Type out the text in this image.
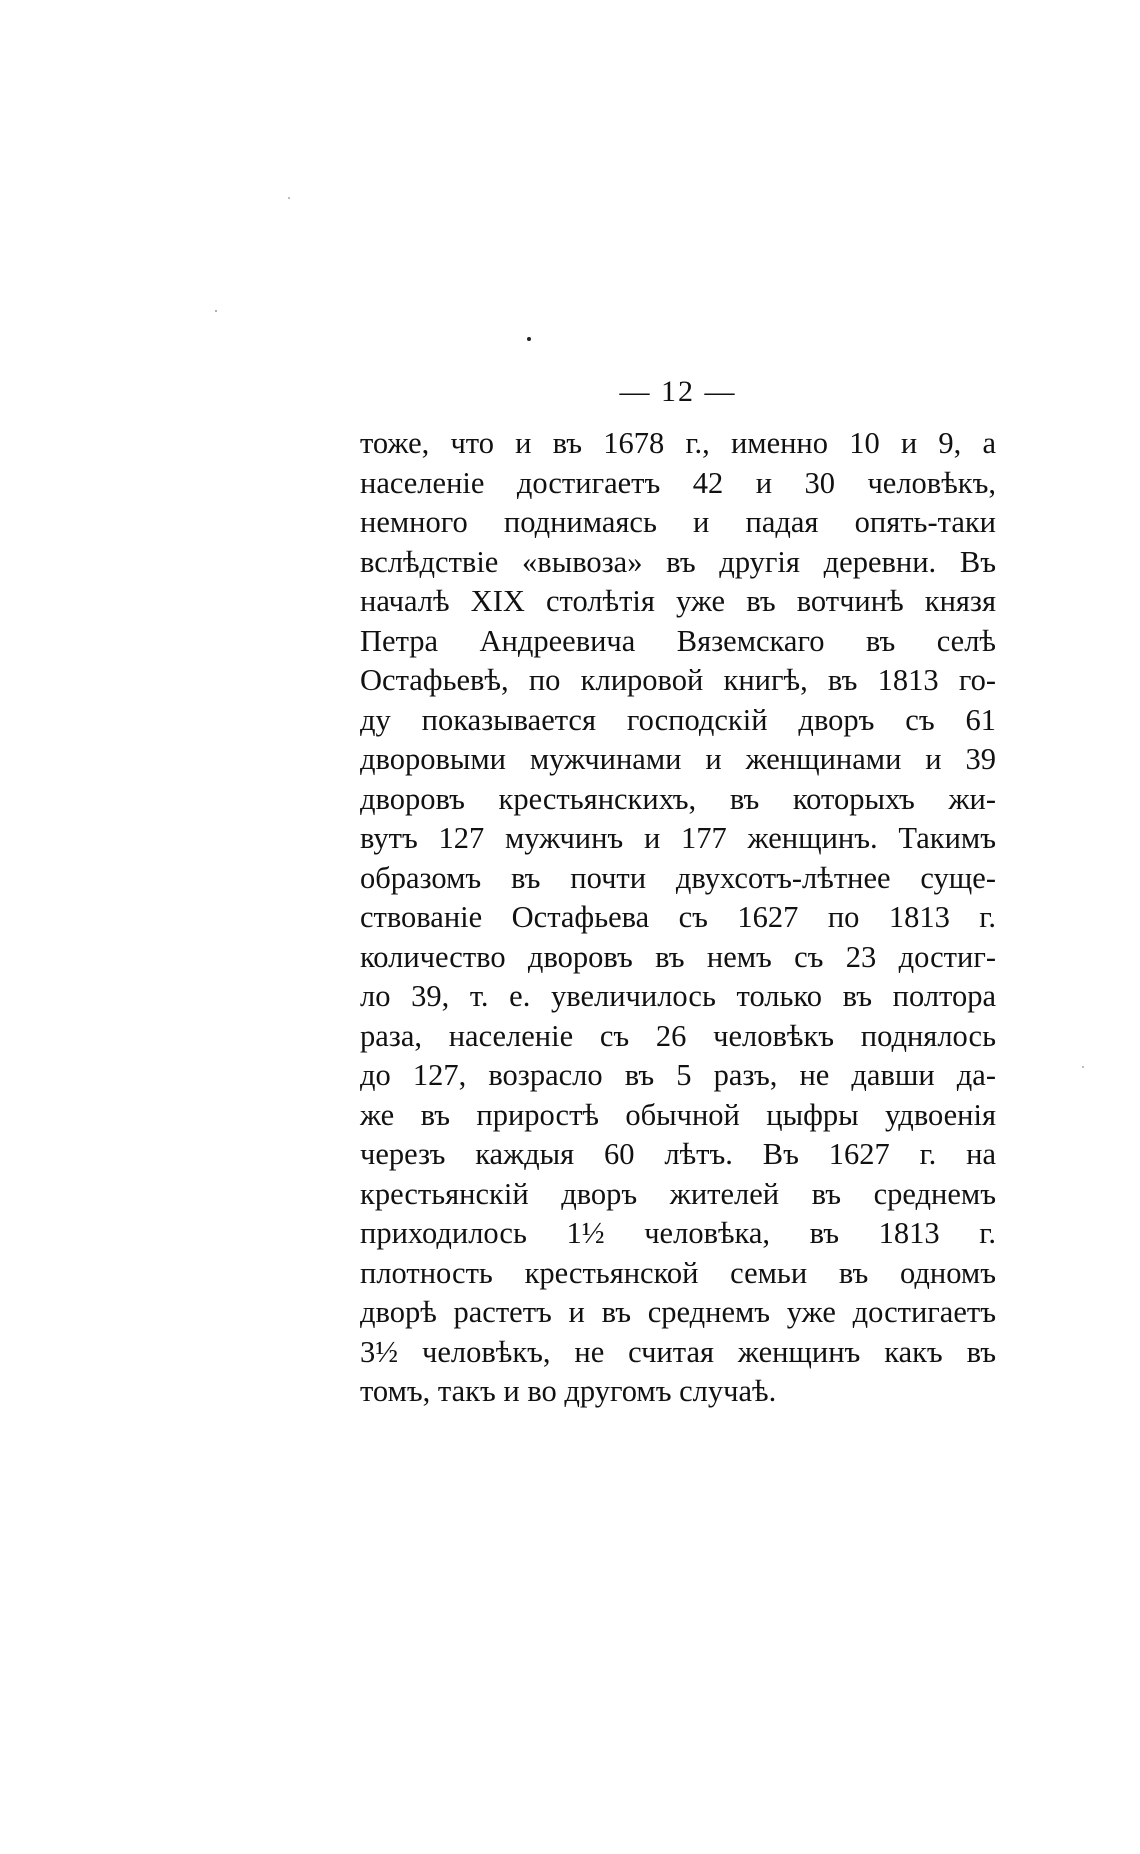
— 12 —
тоже, что и въ 1678 г., именно 10 и 9, а
населеніе достигаетъ 42 и 30 человѣкъ,
немного поднимаясь и падая опять-таки
вслѣдствіе «вывоза» въ другія деревни. Въ
началѣ XIX столѣтія уже въ вотчинѣ князя
Петра Андреевича Вяземскаго въ селѣ
Остафьевѣ, по клировой книгѣ, въ 1813 го-
ду показывается господскій дворъ съ 61
дворовыми мужчинами и женщинами и 39
дворовъ крестьянскихъ, въ которыхъ жи-
вутъ 127 мужчинъ и 177 женщинъ. Такимъ
образомъ въ почти двухсотъ-лѣтнее суще-
ствованіе Остафьева съ 1627 по 1813 г.
количество дворовъ въ немъ съ 23 достиг-
ло 39, т. е. увеличилось только въ полтора
раза, населеніе съ 26 человѣкъ поднялось
до 127, возрасло въ 5 разъ, не давши да-
же въ приростѣ обычной цыфры удвоенія
черезъ каждыя 60 лѣтъ. Въ 1627 г. на
крестьянскій дворъ жителей въ среднемъ
приходилось 1½ человѣка, въ 1813 г.
плотность крестьянской семьи въ одномъ
дворѣ растетъ и въ среднемъ уже достигаетъ
3½ человѣкъ, не считая женщинъ какъ въ
томъ, такъ и во другомъ случаѣ.
